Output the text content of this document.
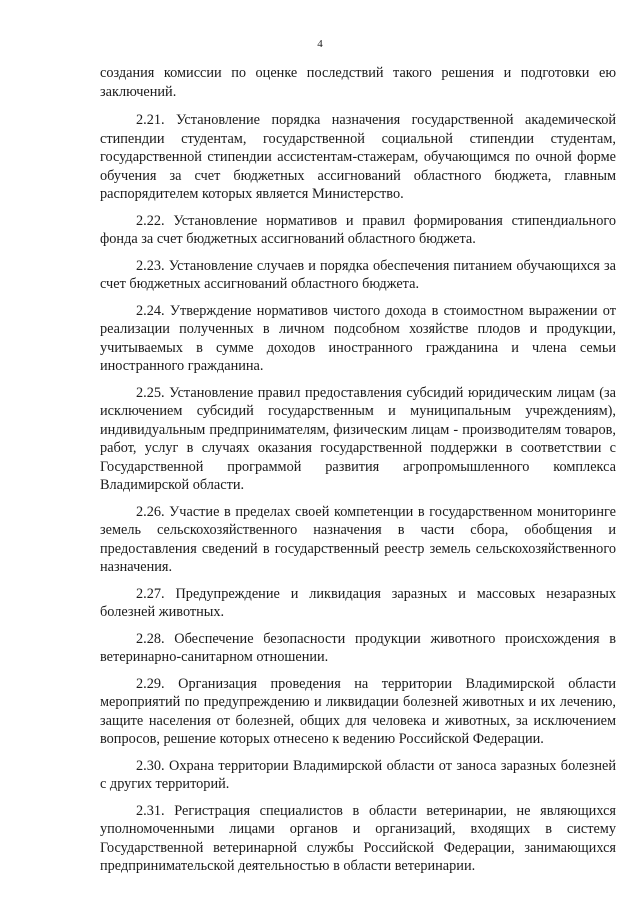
4

создания комиссии по оценке последствий такого решения и подготовки ею заключений.

2.21. Установление порядка назначения государственной академической стипендии студентам, государственной социальной стипендии студентам, государственной стипендии ассистентам-стажерам, обучающимся по очной форме обучения за счет бюджетных ассигнований областного бюджета, главным распорядителем которых является Министерство.

2.22. Установление нормативов и правил формирования стипендиального фонда за счет бюджетных ассигнований областного бюджета.

2.23. Установление случаев и порядка обеспечения питанием обучающихся за счет бюджетных ассигнований областного бюджета.

2.24. Утверждение нормативов чистого дохода в стоимостном выражении от реализации полученных в личном подсобном хозяйстве плодов и продукции, учитываемых в сумме доходов иностранного гражданина и члена семьи иностранного гражданина.

2.25. Установление правил предоставления субсидий юридическим лицам (за исключением субсидий государственным и муниципальным учреждениям), индивидуальным предпринимателям, физическим лицам - производителям товаров, работ, услуг в случаях оказания государственной поддержки в соответствии с Государственной программой развития агропромышленного комплекса Владимирской области.

2.26. Участие в пределах своей компетенции в государственном мониторинге земель сельскохозяйственного назначения в части сбора, обобщения и предоставления сведений в государственный реестр земель сельскохозяйственного назначения.

2.27. Предупреждение и ликвидация заразных и массовых незаразных болезней животных.

2.28. Обеспечение безопасности продукции животного происхождения в ветеринарно-санитарном отношении.

2.29. Организация проведения на территории Владимирской области мероприятий по предупреждению и ликвидации болезней животных и их лечению, защите населения от болезней, общих для человека и животных, за исключением вопросов, решение которых отнесено к ведению Российской Федерации.

2.30. Охрана территории Владимирской области от заноса заразных болезней с других территорий.

2.31. Регистрация специалистов в области ветеринарии, не являющихся уполномоченными лицами органов и организаций, входящих в систему Государственной ветеринарной службы Российской Федерации, занимающихся предпринимательской деятельностью в области ветеринарии.
